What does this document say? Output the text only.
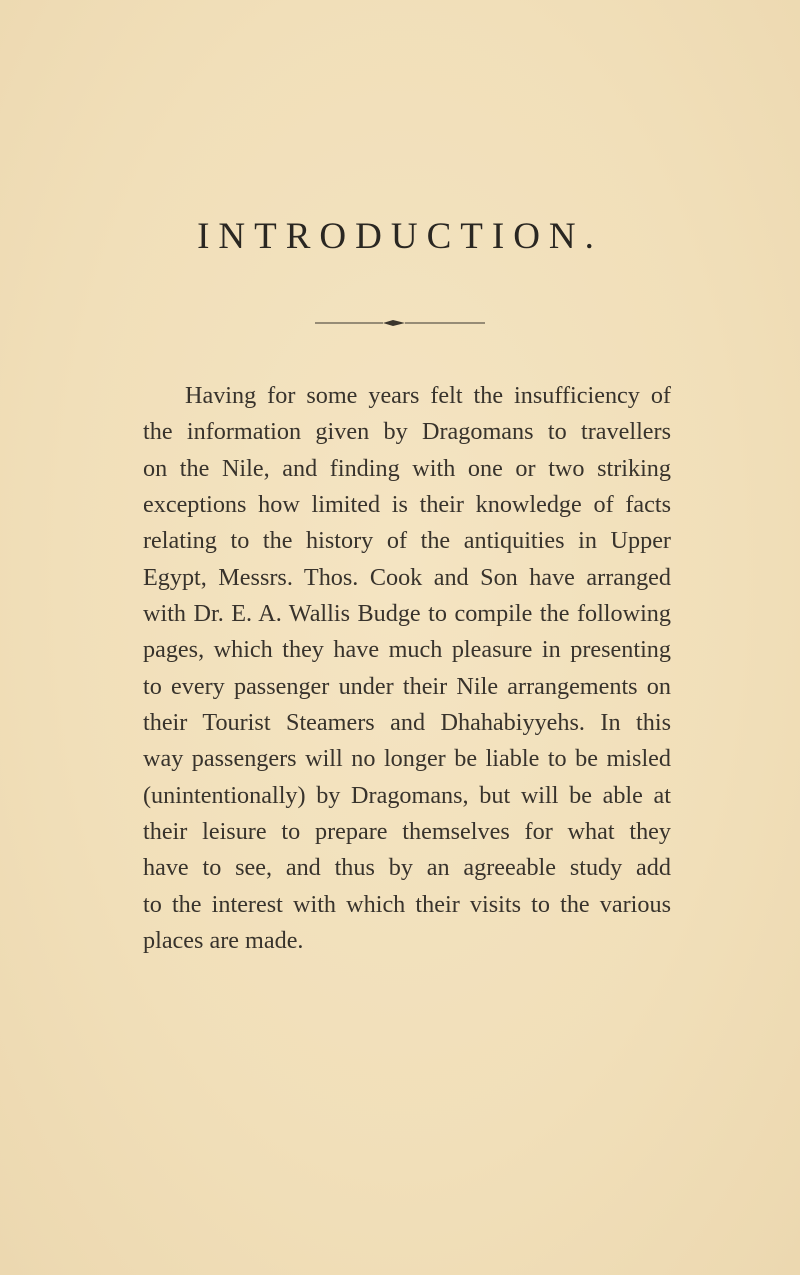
INTRODUCTION.
Having for some years felt the insufficiency of
the information given by Dragomans to travellers
on the Nile, and finding with one or two striking
exceptions how limited is their knowledge of facts
relating to the history of the antiquities in Upper
Egypt, Messrs. Thos. Cook and Son have arranged
with Dr. E. A. Wallis Budge to compile the following
pages, which they have much pleasure in presenting
to every passenger under their Nile arrangements on
their Tourist Steamers and Dhahabiyyehs. In this
way passengers will no longer be liable to be misled
(unintentionally) by Dragomans, but will be able at
their leisure to prepare themselves for what they
have to see, and thus by an agreeable study add
to the interest with which their visits to the various
places are made.
